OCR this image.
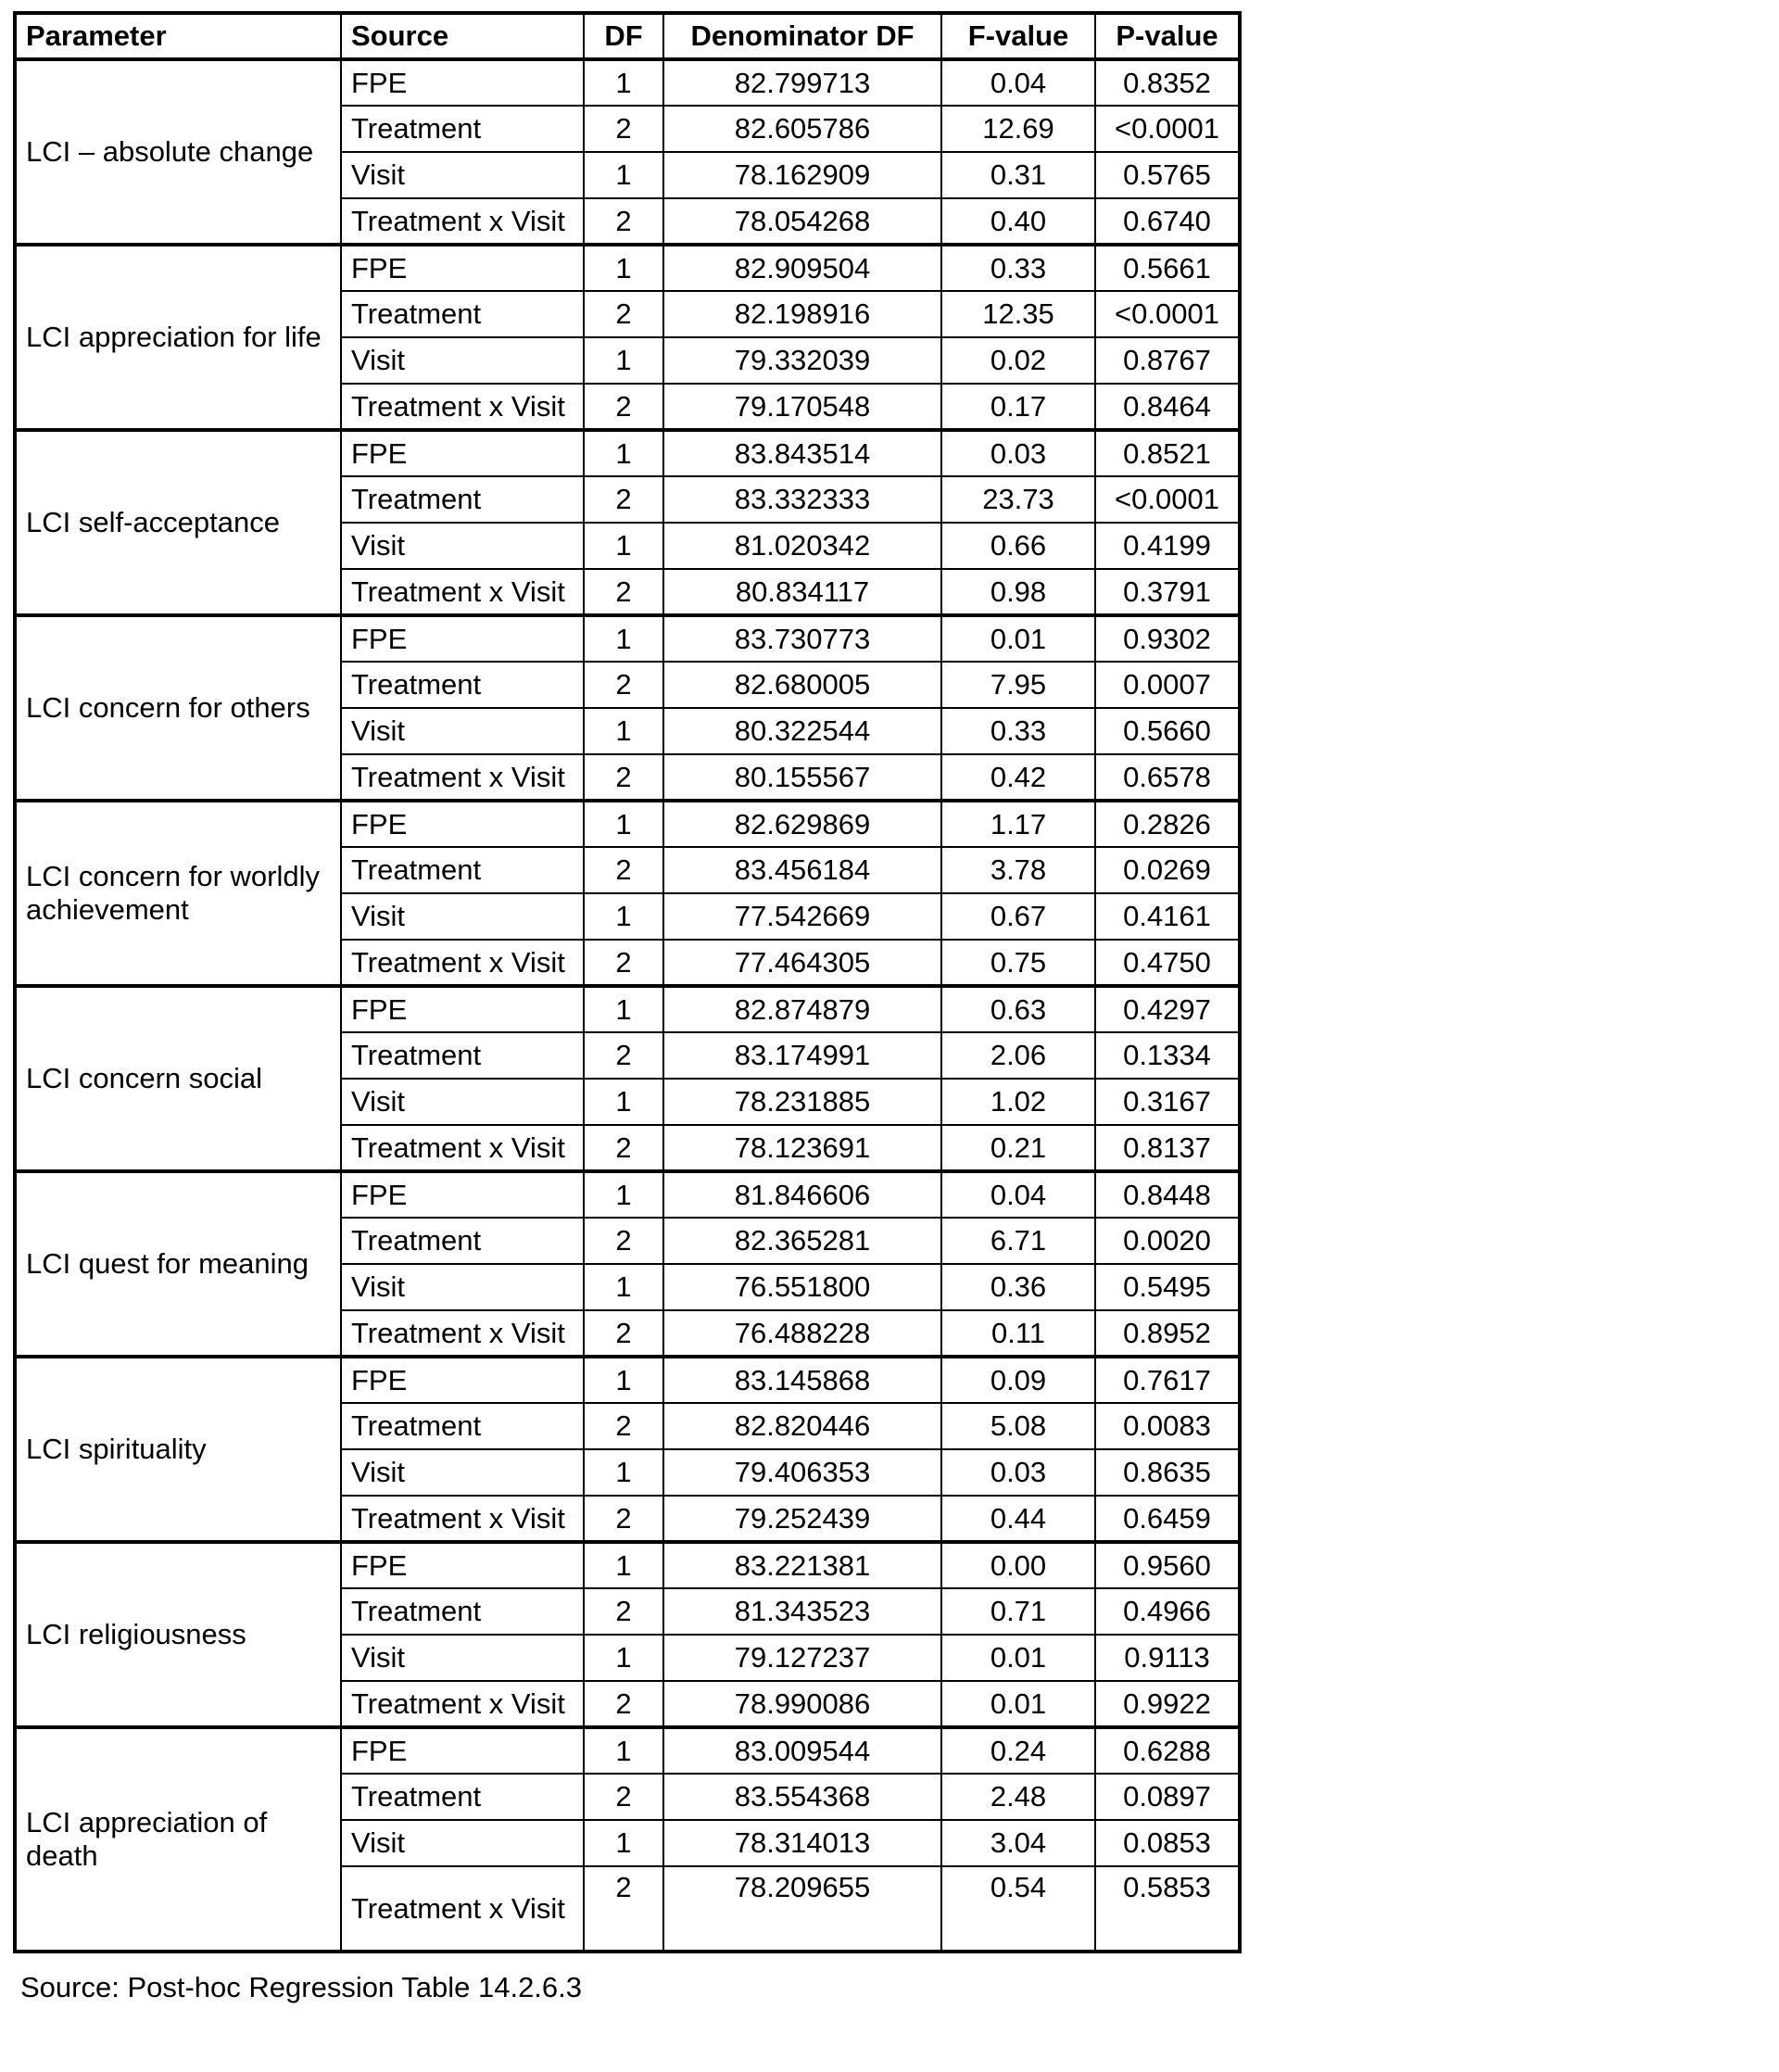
Parameter	Source	DF	Denominator DF	F-value	P-value
LCI – absolute change	FPE	1	82.799713	0.04	0.8352
	Treatment	2	82.605786	12.69	<0.0001
	Visit	1	78.162909	0.31	0.5765
	Treatment x Visit	2	78.054268	0.40	0.6740
LCI appreciation for life	FPE	1	82.909504	0.33	0.5661
	Treatment	2	82.198916	12.35	<0.0001
	Visit	1	79.332039	0.02	0.8767
	Treatment x Visit	2	79.170548	0.17	0.8464
LCI self-acceptance	FPE	1	83.843514	0.03	0.8521
	Treatment	2	83.332333	23.73	<0.0001
	Visit	1	81.020342	0.66	0.4199
	Treatment x Visit	2	80.834117	0.98	0.3791
LCI concern for others	FPE	1	83.730773	0.01	0.9302
	Treatment	2	82.680005	7.95	0.0007
	Visit	1	80.322544	0.33	0.5660
	Treatment x Visit	2	80.155567	0.42	0.6578
LCI concern for worldly achievement	FPE	1	82.629869	1.17	0.2826
	Treatment	2	83.456184	3.78	0.0269
	Visit	1	77.542669	0.67	0.4161
	Treatment x Visit	2	77.464305	0.75	0.4750
LCI concern social	FPE	1	82.874879	0.63	0.4297
	Treatment	2	83.174991	2.06	0.1334
	Visit	1	78.231885	1.02	0.3167
	Treatment x Visit	2	78.123691	0.21	0.8137
LCI quest for meaning	FPE	1	81.846606	0.04	0.8448
	Treatment	2	82.365281	6.71	0.0020
	Visit	1	76.551800	0.36	0.5495
	Treatment x Visit	2	76.488228	0.11	0.8952
LCI spirituality	FPE	1	83.145868	0.09	0.7617
	Treatment	2	82.820446	5.08	0.0083
	Visit	1	79.406353	0.03	0.8635
	Treatment x Visit	2	79.252439	0.44	0.6459
LCI religiousness	FPE	1	83.221381	0.00	0.9560
	Treatment	2	81.343523	0.71	0.4966
	Visit	1	79.127237	0.01	0.9113
	Treatment x Visit	2	78.990086	0.01	0.9922
LCI appreciation of death	FPE	1	83.009544	0.24	0.6288
	Treatment	2	83.554368	2.48	0.0897
	Visit	1	78.314013	3.04	0.0853
	Treatment x Visit	2	78.209655	0.54	0.5853
Source: Post-hoc Regression Table 14.2.6.3
